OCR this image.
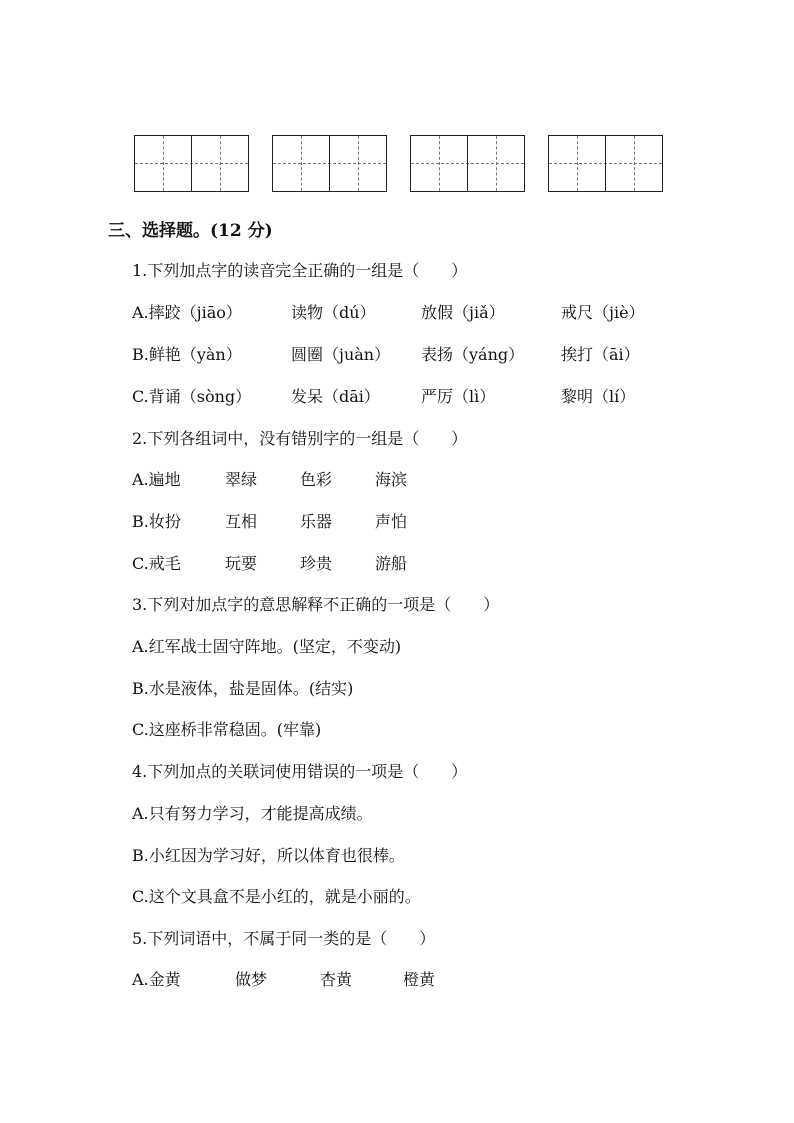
三、选择题。(12 分)
1.下列加点字的读音完全正确的一组是（　　）
A.摔跤（jiāo）	读物（dú）	放假（jiǎ）	戒尺（jiè）
B.鲜艳（yàn）	圆圈（juàn） 表扬（yáng） 挨打（āi）
C.背诵（sòng） 发呆（dāi）	严厉（lì）	黎明（lí）
2.下列各组词中，没有错别字的一组是（　　）
A.遍地	翠绿	色彩	海滨
B.妆扮	互相	乐器	声怕
C.戒毛	玩要	珍贵	游船
3.下列对加点字的意思解释不正确的一项是（　　）
A.红军战士固守阵地。(坚定，不变动)
B.水是液体，盐是固体。(结实)
C.这座桥非常稳固。(牢靠)
4.下列加点的关联词使用错误的一项是（　　）
A.只有努力学习，才能提高成绩。
B.小红因为学习好，所以体育也很棒。
C.这个文具盒不是小红的，就是小丽的。
5.下列词语中，不属于同一类的是（　　）
A.金黄	做梦	杏黄	橙黄
